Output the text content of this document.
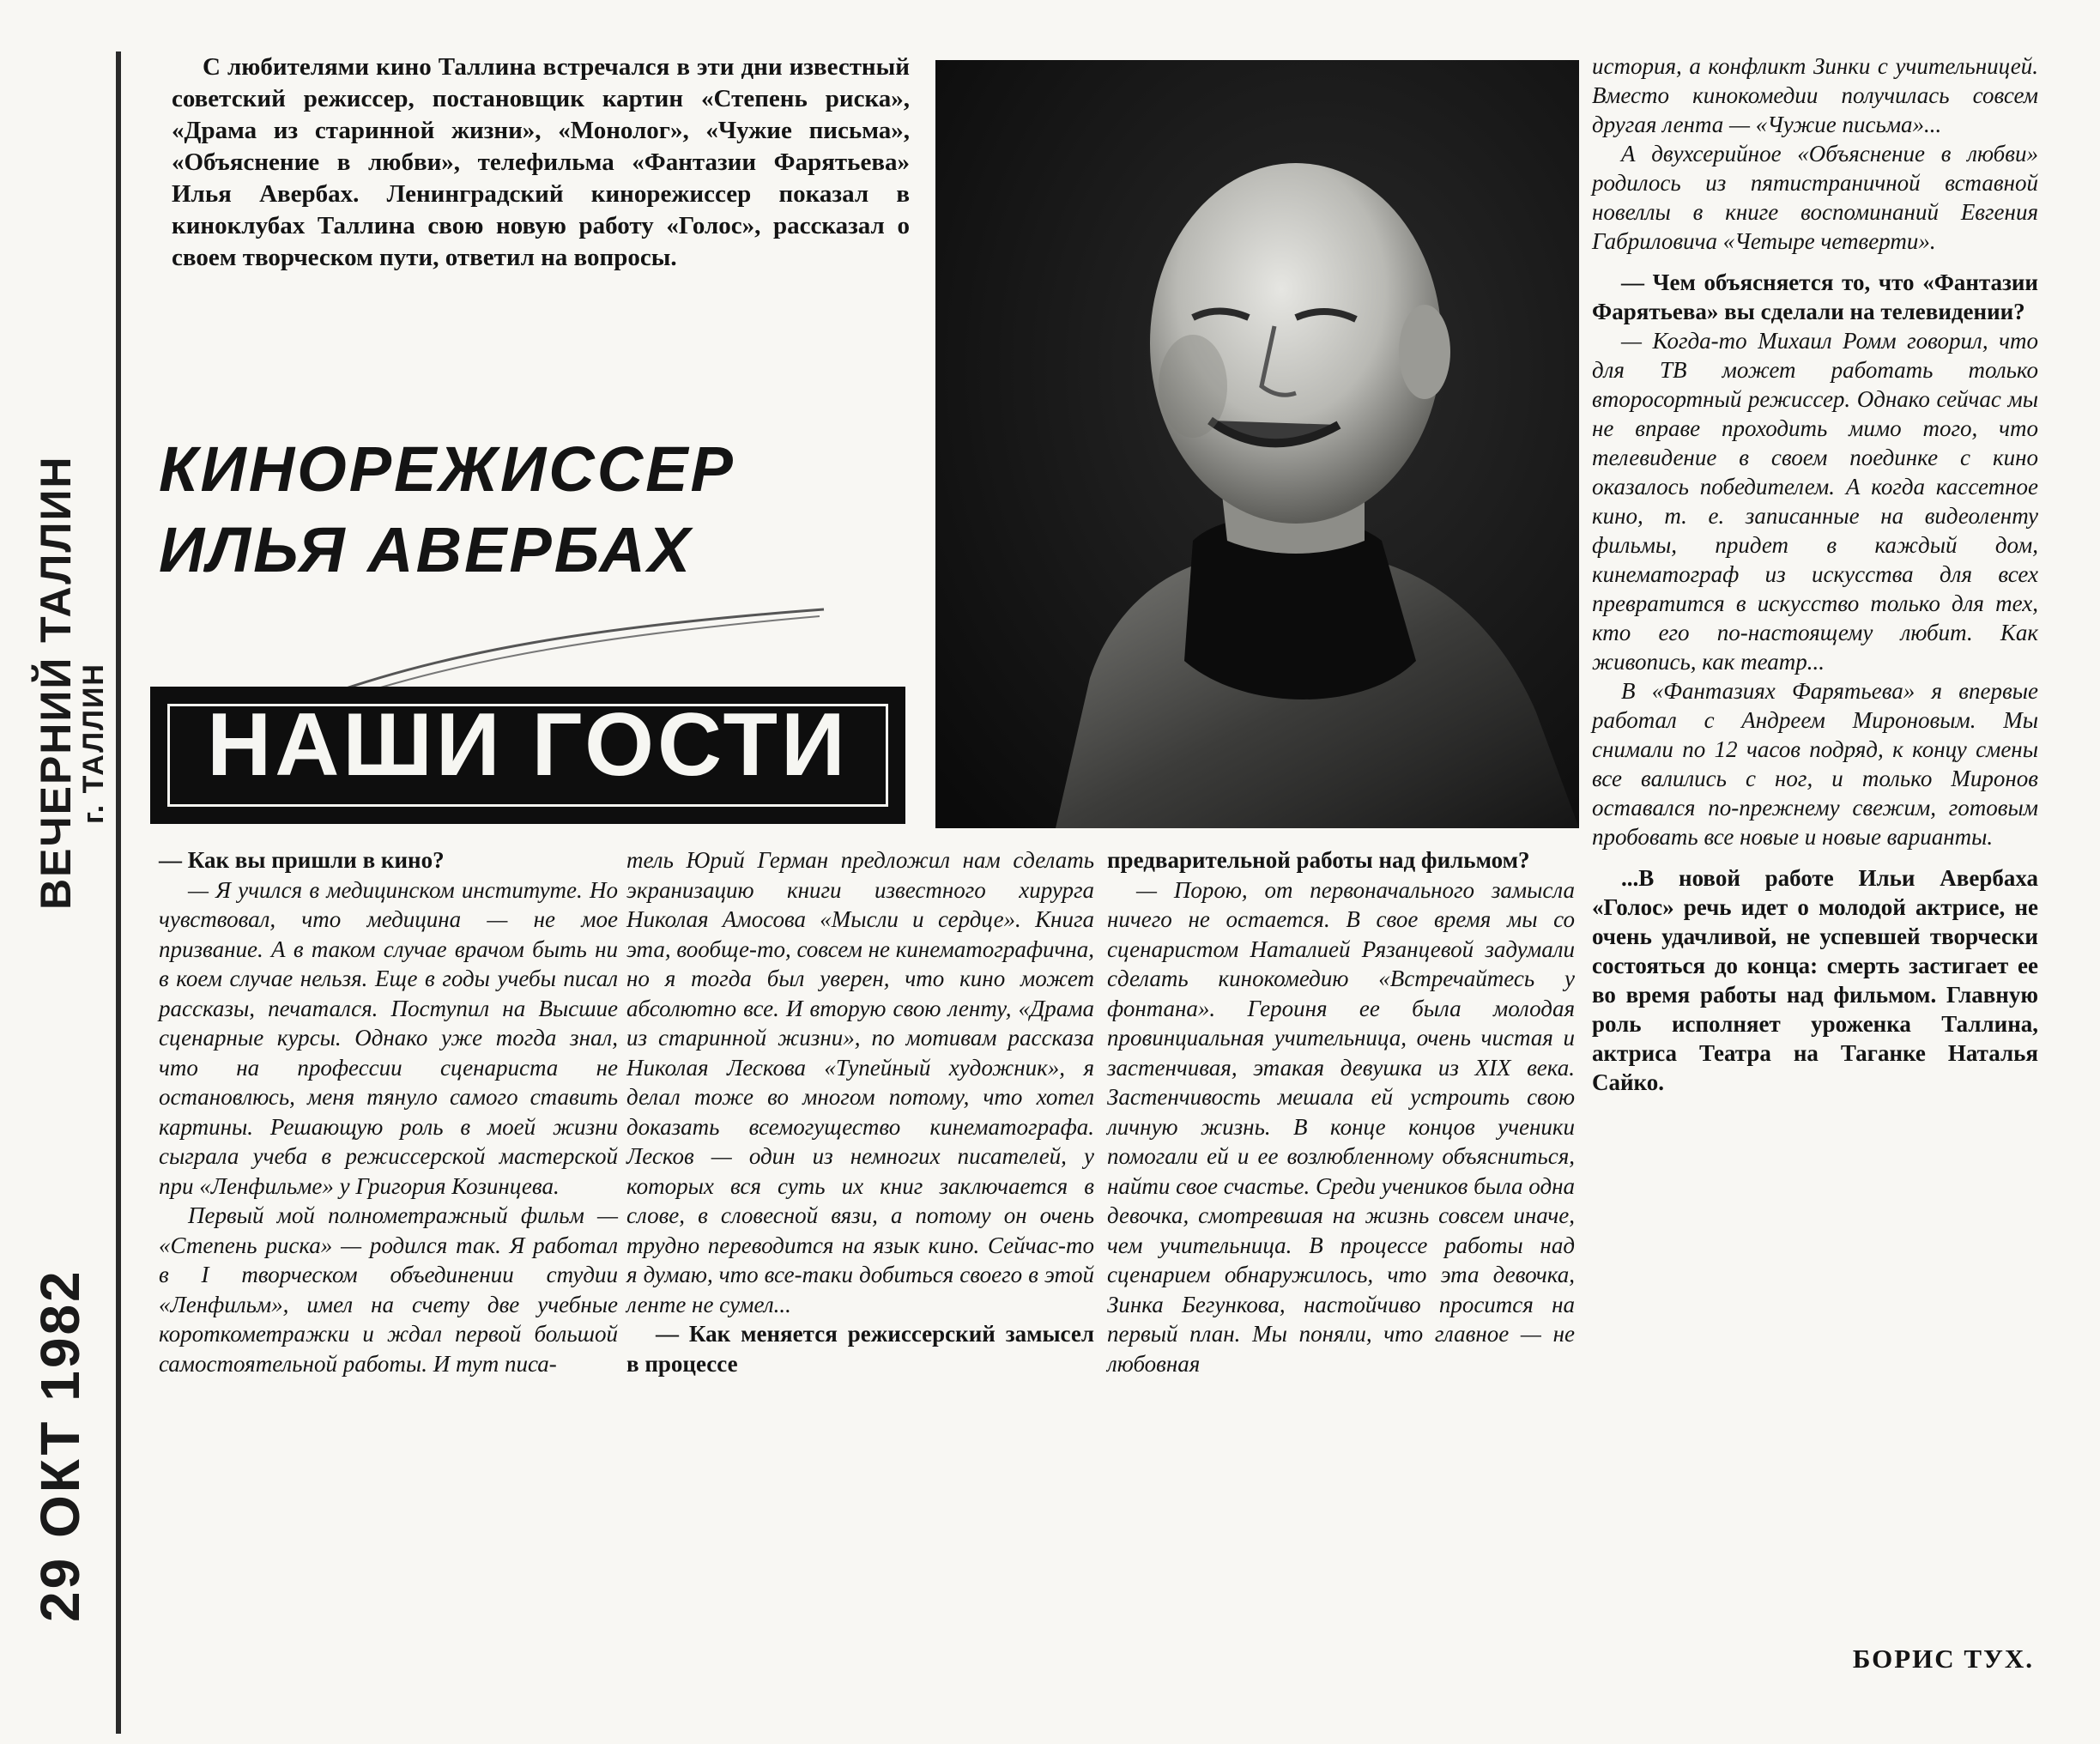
29 ОКТ 1982
ВЕЧЕРНИЙ ТАЛЛИН
г. ТАЛЛИН

С любителями кино Таллина встречался в эти дни известный советский режиссер, постановщик картин «Степень риска», «Драма из старинной жизни», «Монолог», «Чужие письма», «Объяснение в любви», телефильма «Фантазии Фарятьева» Илья Авербах. Ленинградский кинорежиссер показал в киноклубах Таллина свою новую работу «Голос», рассказал о своем творческом пути, ответил на вопросы.

КИНОРЕЖИССЕР
ИЛЬЯ АВЕРБАХ
НАШИ ГОСТИ

— Как вы пришли в кино?

— Я учился в медицинском институте. Но чувствовал, что медицина — не мое призвание. А в таком случае врачом быть ни в коем случае нельзя. Еще в годы учебы писал рассказы, печатался. Поступил на Высшие сценарные курсы. Однако уже тогда знал, что на профессии сценариста не остановлюсь, меня тянуло самого ставить картины. Решающую роль в моей жизни сыграла учеба в режиссерской мастерской при «Ленфильме» у Григория Козинцева.

Первый мой полнометражный фильм — «Степень риска» — родился так. Я работал в I творческом объединении студии «Ленфильм», имел на счету две учебные короткометражки и ждал первой большой самостоятельной работы. И тут писа-

тель Юрий Герман предложил нам сделать экранизацию книги известного хирурга Николая Амосова «Мысли и сердце». Книга эта, вообще-то, совсем не кинематографична, но я тогда был уверен, что кино может абсолютно все. И вторую свою ленту, «Драма из старинной жизни», по мотивам рассказа Николая Лескова «Тупейный художник», я делал тоже во многом потому, что хотел доказать всемогущество кинематографа. Лесков — один из немногих писателей, у которых вся суть их книг заключается в слове, в словесной вязи, а потому он очень трудно переводится на язык кино. Сейчас-то я думаю, что все-таки добиться своего в этой ленте не сумел...

— Как меняется режиссерский замысел в процессе

предварительной работы над фильмом?

— Порою, от первоначального замысла ничего не остается. В свое время мы со сценаристом Наталией Рязанцевой задумали сделать кинокомедию «Встречайтесь у фонтана». Героиня ее была молодая провинциальная учительница, очень чистая и застенчивая, этакая девушка из XIX века. Застенчивость мешала ей устроить свою личную жизнь. В конце концов ученики помогали ей и ее возлюбленному объясниться, найти свое счастье. Среди учеников была одна девочка, смотревшая на жизнь совсем иначе, чем учительница. В процессе работы над сценарием обнаружилось, что эта девочка, Зинка Бегункова, настойчиво просится на первый план. Мы поняли, что главное — не любовная

история, а конфликт Зинки с учительницей. Вместо кинокомедии получилась совсем другая лента — «Чужие письма»...

А двухсерийное «Объяснение в любви» родилось из пятистраничной вставной новеллы в книге воспоминаний Евгения Габриловича «Четыре четверти».

— Чем объясняется то, что «Фантазии Фарятьева» вы сделали на телевидении?

— Когда-то Михаил Ромм говорил, что для ТВ может работать только второсортный режиссер. Однако сейчас мы не вправе проходить мимо того, что телевидение в своем поединке с кино оказалось победителем. А когда кассетное кино, т. е. записанные на видеоленту фильмы, придет в каждый дом, кинематограф из искусства для всех превратится в искусство только для тех, кто его по-настоящему любит. Как живопись, как театр...

В «Фантазиях Фарятьева» я впервые работал с Андреем Мироновым. Мы снимали по 12 часов подряд, к концу смены все валились с ног, и только Миронов оставался по-прежнему свежим, готовым пробовать все новые и новые варианты.

...В новой работе Ильи Авербаха «Голос» речь идет о молодой актрисе, не очень удачливой, не успевшей творчески состояться до конца: смерть застигает ее во время работы над фильмом. Главную роль исполняет уроженка Таллина, актриса Театра на Таганке Наталья Сайко.

БОРИС ТУХ.
